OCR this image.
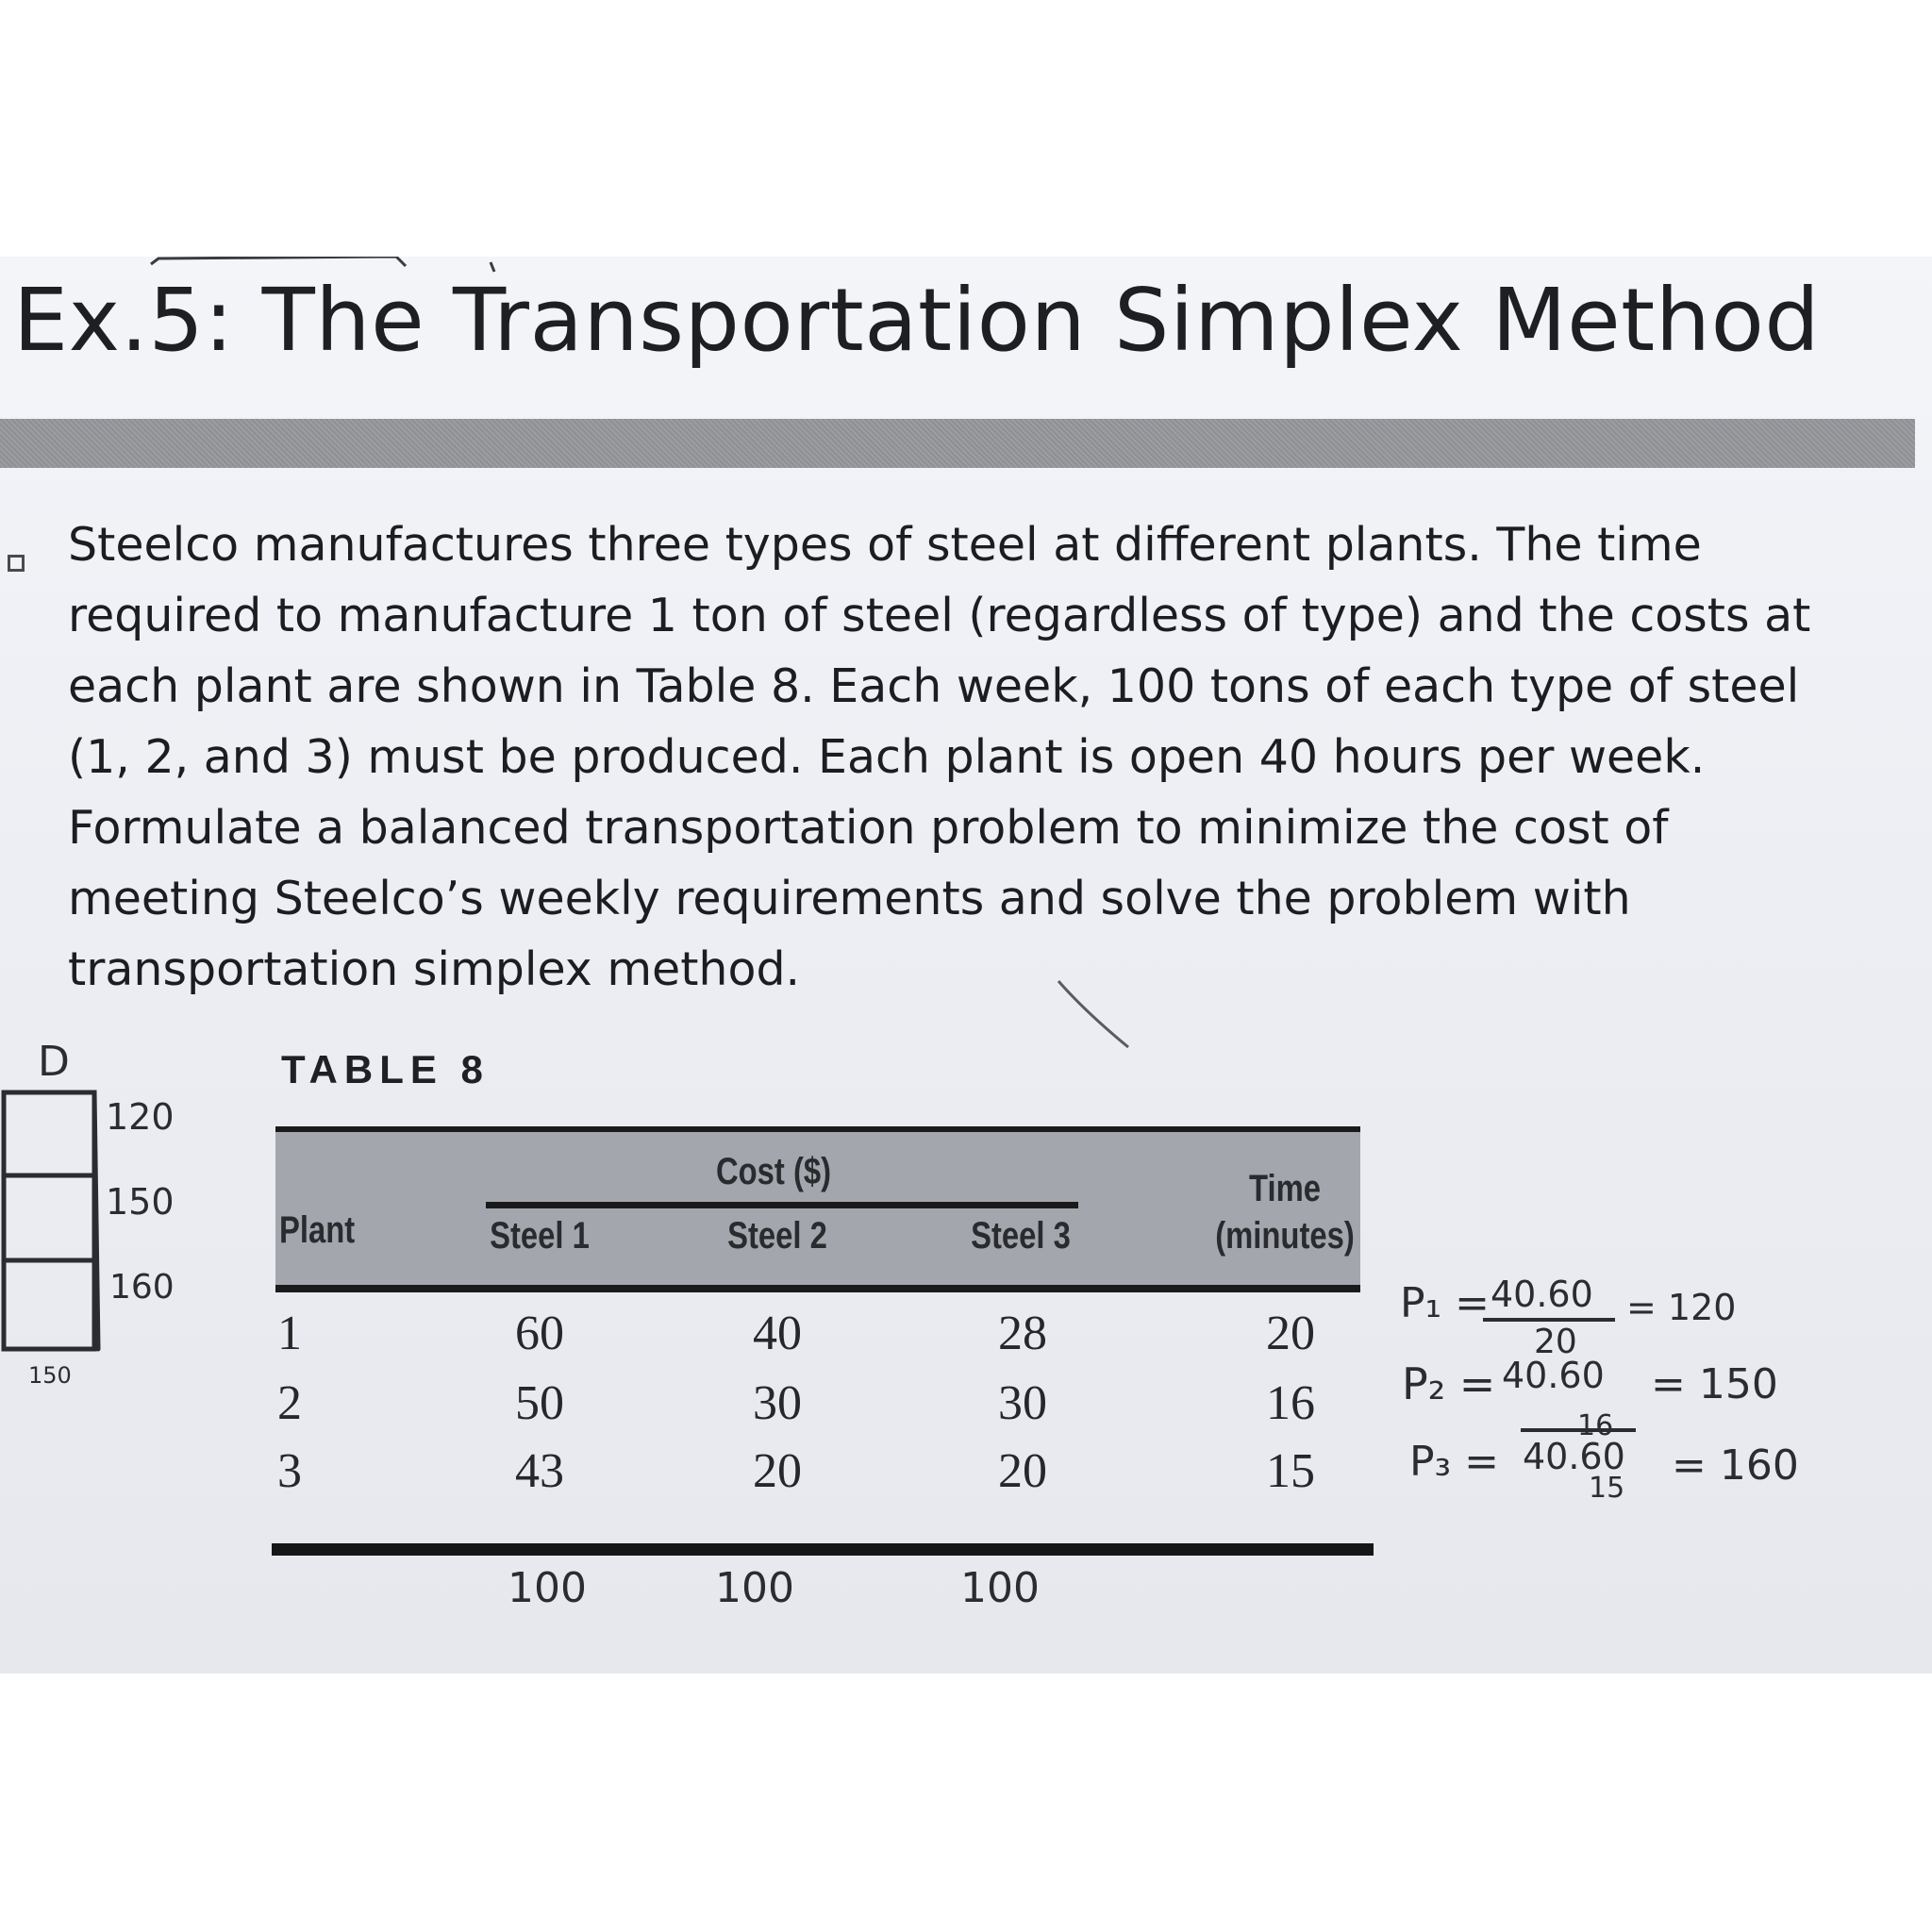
Ex.5: The Transportation Simplex Method

Steelco manufactures three types of steel at different plants. The time required to manufacture 1 ton of steel (regardless of type) and the costs at each plant are shown in Table 8. Each week, 100 tons of each type of steel (1, 2, and 3) must be produced. Each plant is open 40 hours per week. Formulate a balanced transportation problem to minimize the cost of meeting Steelco’s weekly requirements and solve the problem with transportation simplex method.

TABLE 8
Cost ($)
Plant	Steel 1	Steel 2	Steel 3
Time
(minutes)
1	60	40	28	20
2	50	30	30	16
3	43	20	20	15
D
120
150
160
150
100	100	100
P₁ = 40.60
20
= 120
P₂ = 40.60
16
= 150
P₃ = 40.60
15 = 160
